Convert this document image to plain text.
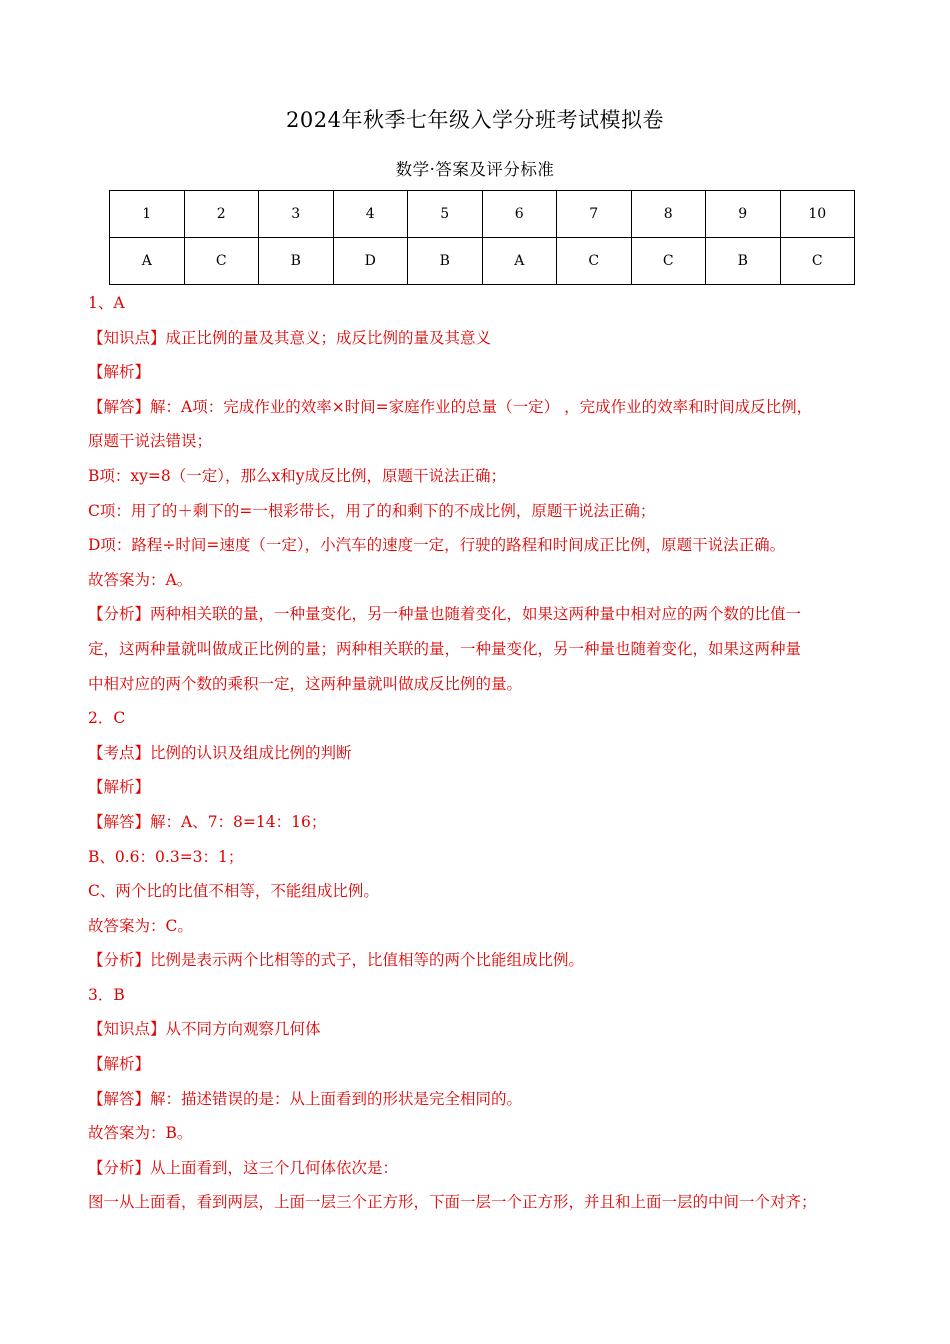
2024年秋季七年级入学分班考试模拟卷
数学·答案及评分标准
1	2	3	4	5	6	7	8	9	10
A	C	B	D	B	A	C	C	B	C
1、A
【知识点】成正比例的量及其意义；成反比例的量及其意义
【解析】
【解答】解：A项：完成作业的效率×时间=家庭作业的总量（一定） ，完成作业的效率和时间成反比例，
原题干说法错误；
B项：xy=8（一定），那么x和y成反比例，原题干说法正确；
C项：用了的＋剩下的=一根彩带长，用了的和剩下的不成比例，原题干说法正确；
D项：路程÷时间=速度（一定），小汽车的速度一定，行驶的路程和时间成正比例，原题干说法正确。
故答案为：A。
【分析】两种相关联的量，一种量变化，另一种量也随着变化，如果这两种量中相对应的两个数的比值一
定，这两种量就叫做成正比例的量；两种相关联的量，一种量变化，另一种量也随着变化，如果这两种量
中相对应的两个数的乘积一定，这两种量就叫做成反比例的量。
2．C
【考点】比例的认识及组成比例的判断
【解析】
【解答】解：A、7：8=14：16；
B、0.6：0.3=3：1；
C、两个比的比值不相等，不能组成比例。
故答案为：C。
【分析】比例是表示两个比相等的式子，比值相等的两个比能组成比例。
3．B
【知识点】从不同方向观察几何体
【解析】
【解答】解：描述错误的是：从上面看到的形状是完全相同的。
故答案为：B。
【分析】从上面看到，这三个几何体依次是：
图一从上面看，看到两层，上面一层三个正方形，下面一层一个正方形，并且和上面一层的中间一个对齐；
